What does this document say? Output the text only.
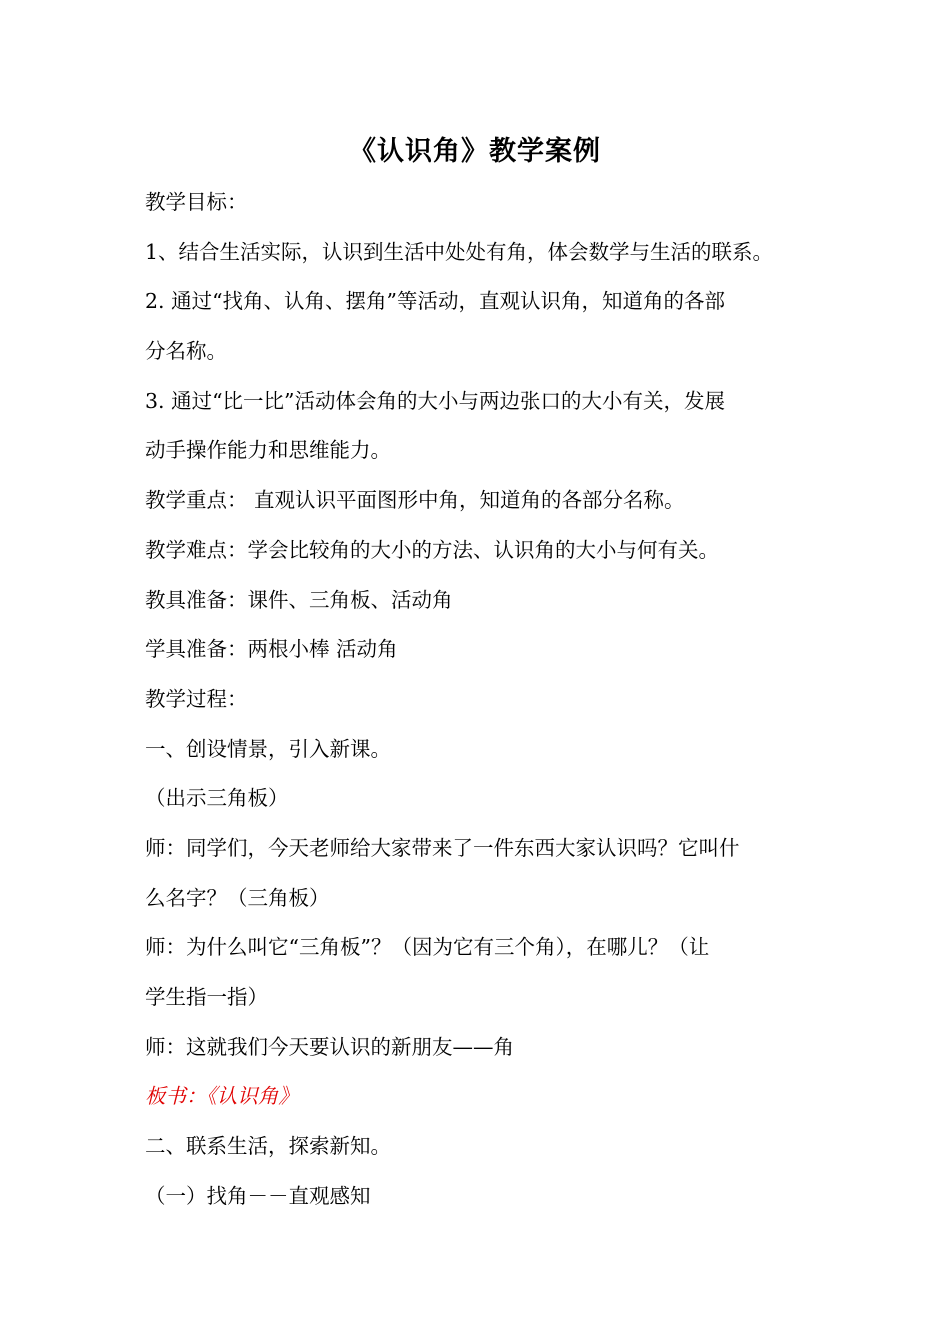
《认识角》教学案例

教学目标：

1、结合生活实际，认识到生活中处处有角，体会数学与生活的联系。

2. 通过“找角、认角、摆角”等活动，直观认识角，知道角的各部

分名称。

3. 通过“比一比”活动体会角的大小与两边张口的大小有关，发展

动手操作能力和思维能力。

教学重点： 直观认识平面图形中角，知道角的各部分名称。

教学难点：学会比较角的大小的方法、认识角的大小与何有关。

教具准备：课件、三角板、活动角

学具准备：两根小棒 活动角

教学过程：

一、创设情景，引入新课。

（出示三角板）

师：同学们，今天老师给大家带来了一件东西大家认识吗？它叫什

么名字？（三角板）

师：为什么叫它“三角板”？（因为它有三个角），在哪儿？（让

学生指一指）

师：这就我们今天要认识的新朋友——角

板书：《认识角》

二、联系生活，探索新知。

（一）找角－－直观感知
